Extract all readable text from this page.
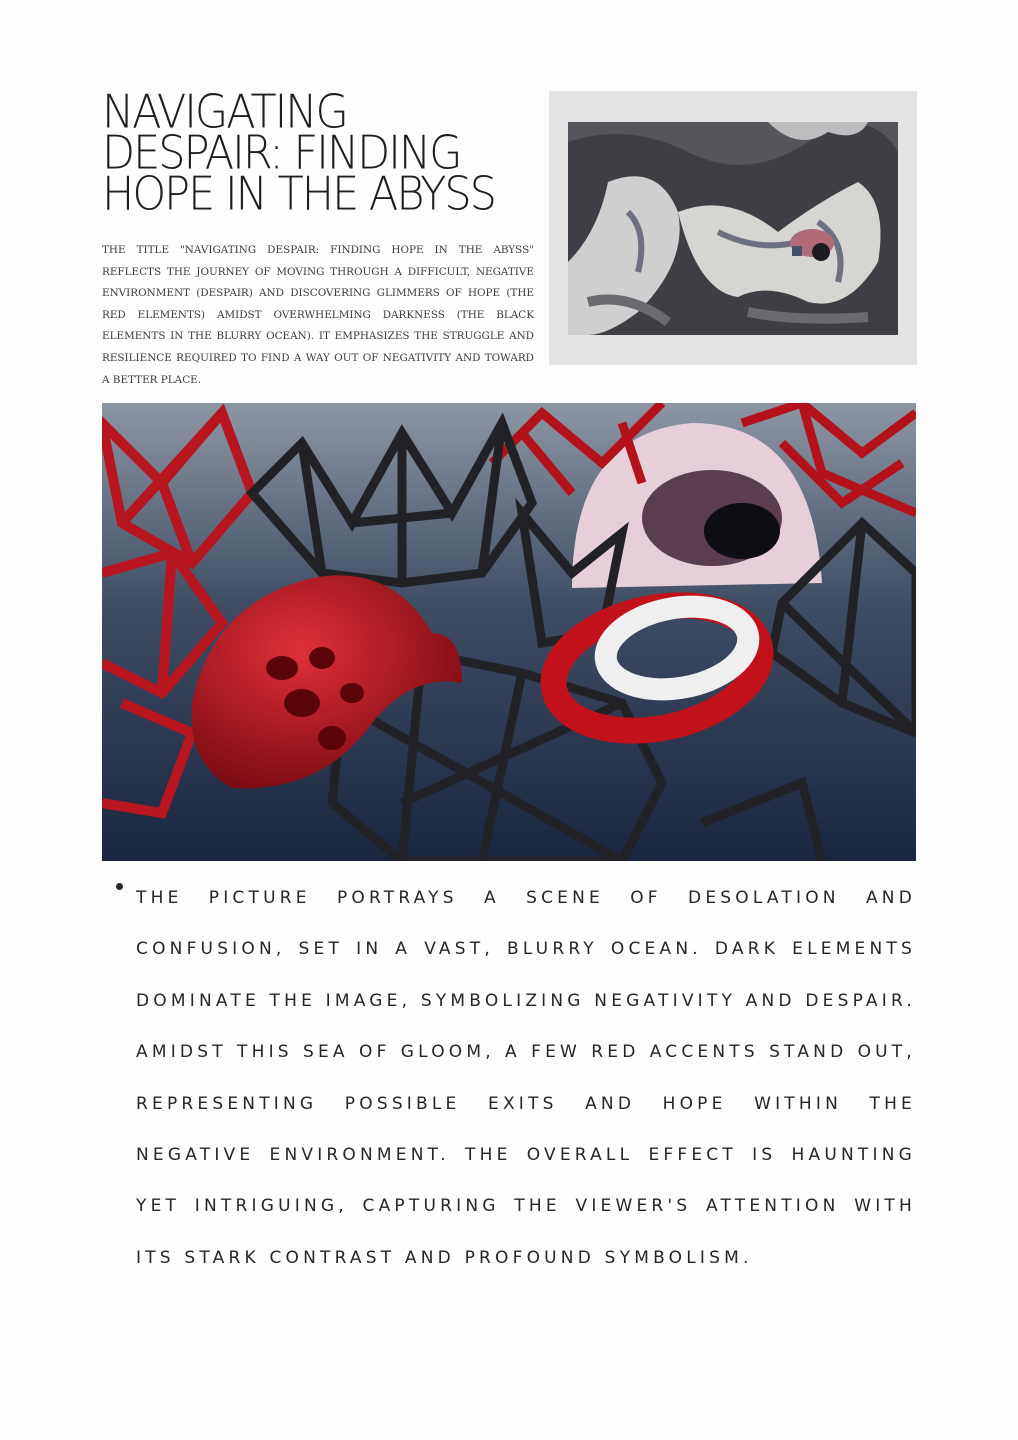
NAVIGATING
DESPAIR: FINDING
HOPE IN THE ABYSS

THE TITLE "NAVIGATING DESPAIR: FINDING HOPE IN THE ABYSS" REFLECTS THE JOURNEY OF MOVING THROUGH A DIFFICULT, NEGATIVE ENVIRONMENT (DESPAIR) AND DISCOVERING GLIMMERS OF HOPE (THE RED ELEMENTS) AMIDST OVERWHELMING DARKNESS (THE BLACK ELEMENTS IN THE BLURRY OCEAN). IT EMPHASIZES THE STRUGGLE AND RESILIENCE REQUIRED TO FIND A WAY OUT OF NEGATIVITY AND TOWARD A BETTER PLACE.

THE PICTURE PORTRAYS A SCENE OF DESOLATION AND CONFUSION, SET IN A VAST, BLURRY OCEAN. DARK ELEMENTS DOMINATE THE IMAGE, SYMBOLIZING NEGATIVITY AND DESPAIR. AMIDST THIS SEA OF GLOOM, A FEW RED ACCENTS STAND OUT, REPRESENTING POSSIBLE EXITS AND HOPE WITHIN THE NEGATIVE ENVIRONMENT. THE OVERALL EFFECT IS HAUNTING YET INTRIGUING, CAPTURING THE VIEWER'S ATTENTION WITH ITS STARK CONTRAST AND PROFOUND SYMBOLISM.
